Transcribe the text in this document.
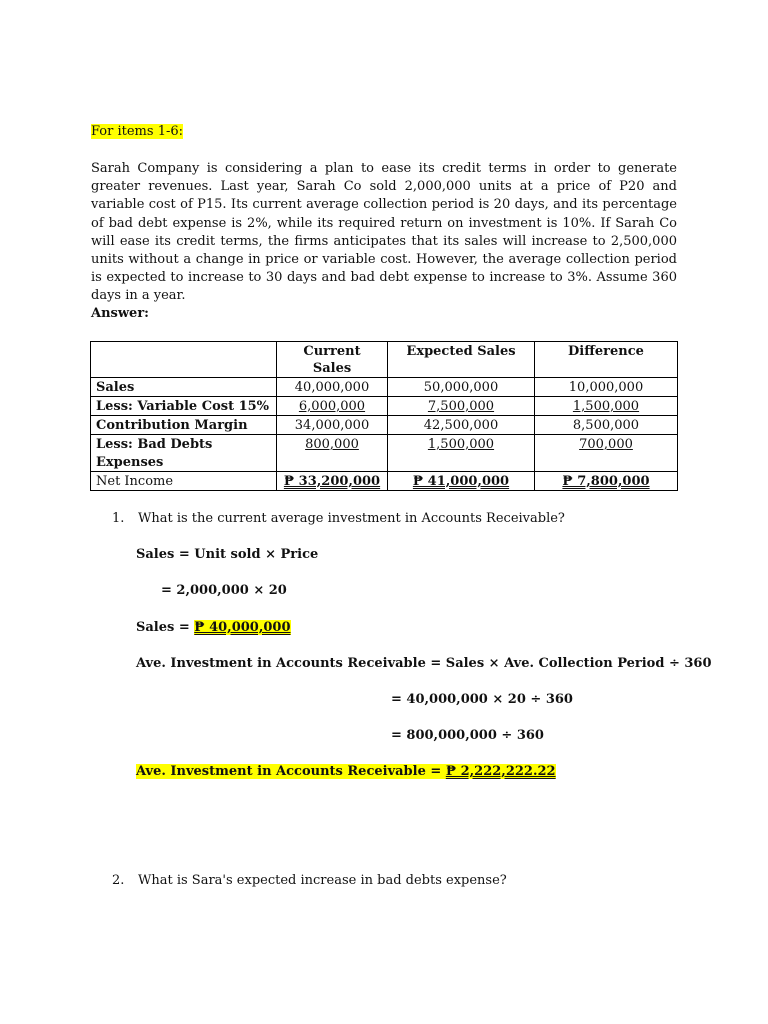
For items 1-6:

Sarah Company is considering a plan to ease its credit terms in order to generate greater revenues. Last year, Sarah Co sold 2,000,000 units at a price of P20 and variable cost of P15. Its current average collection period is 20 days, and its percentage of bad debt expense is 2%, while its required return on investment is 10%. If Sarah Co will ease its credit terms, the firms anticipates that its sales will increase to 2,500,000 units without a change in price or variable cost. However, the average collection period is expected to increase to 30 days and bad debt expense to increase to 3%. Assume 360 days in a year.

Answer:
	Current Sales	Expected Sales	Difference
Sales	40,000,000	50,000,000	10,000,000
Less: Variable Cost 15%	6,000,000	7,500,000	1,500,000
Contribution Margin	34,000,000	42,500,000	8,500,000
Less: Bad Debts	800,000	1,500,000	700,000
Expenses			
Net Income	₱ 33,200,000	₱ 41,000,000	₱ 7,800,000
1. What is the current average investment in Accounts Receivable?
Sales = Unit sold × Price
= 2,000,000 × 20
Sales = ₱ 40,000,000
Ave. Investment in Accounts Receivable = Sales × Ave. Collection Period ÷ 360
= 40,000,000 × 20 ÷ 360
= 800,000,000 ÷ 360
Ave. Investment in Accounts Receivable = ₱ 2,222,222.22
2. What is Sara's expected increase in bad debts expense?
